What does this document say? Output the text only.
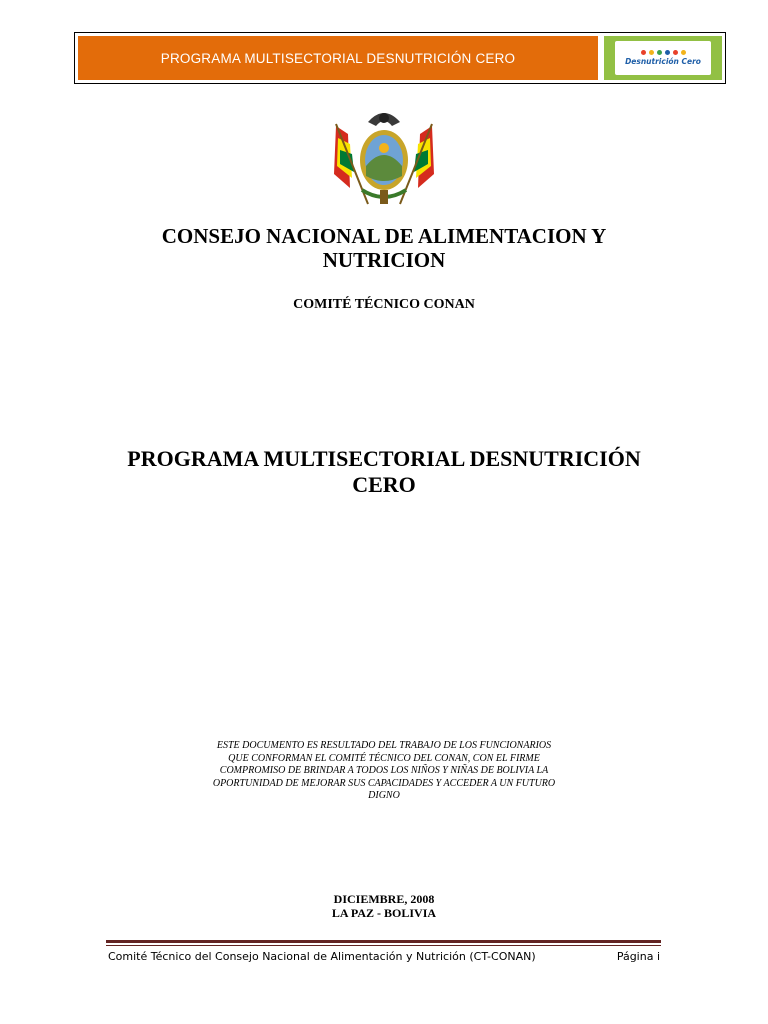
PROGRAMA MULTISECTORIAL DESNUTRICIÓN CERO	Desnutrición Cero
CONSEJO NACIONAL DE ALIMENTACION Y
NUTRICION
COMITÉ TÉCNICO CONAN
PROGRAMA MULTISECTORIAL DESNUTRICIÓN
CERO
ESTE DOCUMENTO ES RESULTADO DEL TRABAJO DE LOS FUNCIONARIOS
QUE CONFORMAN EL COMITÉ TÉCNICO DEL CONAN, CON EL FIRME
COMPROMISO DE BRINDAR A TODOS LOS NIÑOS Y NIÑAS DE BOLIVIA LA
OPORTUNIDAD DE MEJORAR SUS CAPACIDADES Y ACCEDER A UN FUTURO
DIGNO
DICIEMBRE, 2008
LA PAZ - BOLIVIA
Comité Técnico del Consejo Nacional de Alimentación y Nutrición (CT-CONAN)	Página i
